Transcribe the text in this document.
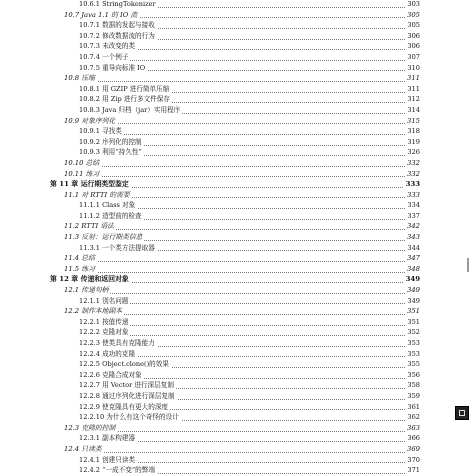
10.6.1 StringTokenizer	303
10.7 Java 1.1 的 IO 流	305
10.7.1 数据的发起与接收	305
10.7.2 修改数据流的行为	306
10.7.3 未改变的类	306
10.7.4 一个例子	307
10.7.5 重导向标准 IO	310
10.8 压缩	311
10.8.1 用 GZIP 进行简单压缩	311
10.8.2 用 Zip 进行多文件保存	312
10.8.3 Java 归档（jar）实用程序	314
10.9 对象序列化	315
10.9.1 寻找类	318
10.9.2 序列化的控制	319
10.9.3 利用“持久性”	326
10.10 总结	332
10.11 练习	332
第 11 章 运行期类型鉴定	333
11.1 对 RTTI 的需要	333
11.1.1 Class 对象	334
11.1.2 造型前的检查	337
11.2 RTTI 语法	342
11.3 反射：运行期类信息	343
11.3.1 一个类方法提取器	344
11.4 总结	347
11.5 练习	348
第 12 章 传递和返回对象	349
12.1 传递句柄	349
12.1.1 别名问题	349
12.2 制作本地副本	351
12.2.1 按值传递	351
12.2.2 克隆对象	352
12.2.3 使类具有克隆能力	353
12.2.4 成功的克隆	353
12.2.5 Object.clone()的效果	355
12.2.6 克隆合成对象	356
12.2.7 用 Vector 进行深层复制	358
12.2.8 通过序列化进行深层复制	359
12.2.9 使克隆具有更大的深度	361
12.2.10 为什么有这个奇怪的设计	362
12.3 克隆的控制	363
12.3.1 副本构建器	366
12.4 只读类	369
12.4.1 创建只读类	370
12.4.2 “一成不变”的弊端	371
